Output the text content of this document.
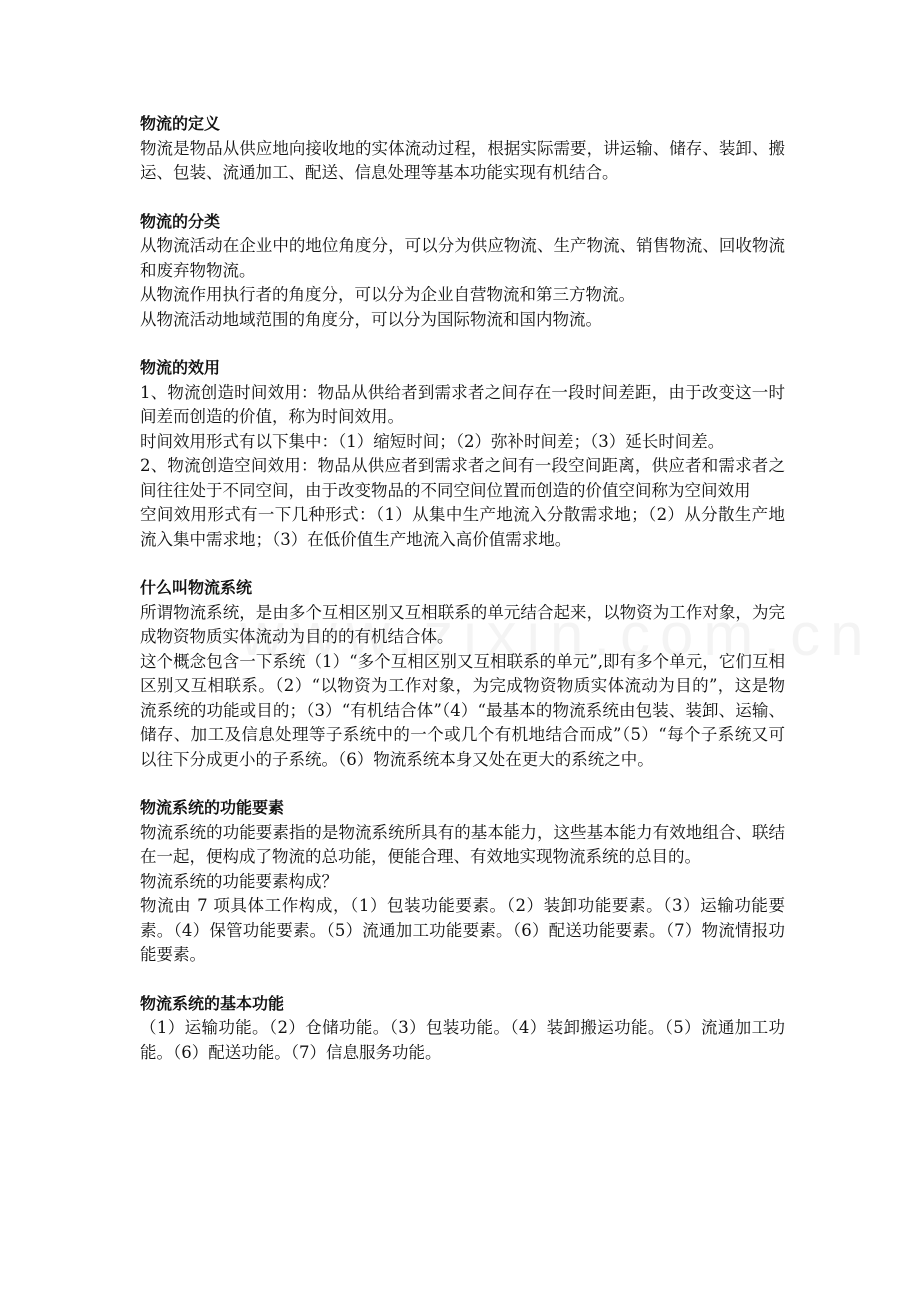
物流的定义

物流是物品从供应地向接收地的实体流动过程，根据实际需要，讲运输、储存、装卸、搬运、包装、流通加工、配送、信息处理等基本功能实现有机结合。

物流的分类

从物流活动在企业中的地位角度分，可以分为供应物流、生产物流、销售物流、回收物流和废弃物物流。

从物流作用执行者的角度分，可以分为企业自营物流和第三方物流。

从物流活动地域范围的角度分，可以分为国际物流和国内物流。

物流的效用

1、物流创造时间效用：物品从供给者到需求者之间存在一段时间差距，由于改变这一时间差而创造的价值，称为时间效用。

时间效用形式有以下集中：（1）缩短时间；（2）弥补时间差；（3）延长时间差。

2、物流创造空间效用：物品从供应者到需求者之间有一段空间距离，供应者和需求者之间往往处于不同空间，由于改变物品的不同空间位置而创造的价值空间称为空间效用

空间效用形式有一下几种形式：（1）从集中生产地流入分散需求地；（2）从分散生产地流入集中需求地；（3）在低价值生产地流入高价值需求地。

什么叫物流系统

所谓物流系统，是由多个互相区别又互相联系的单元结合起来，以物资为工作对象，为完成物资物质实体流动为目的的有机结合体。

这个概念包含一下系统（1）“多个互相区别又互相联系的单元”,即有多个单元，它们互相区别又互相联系。（2）“以物资为工作对象，为完成物资物质实体流动为目的”，这是物流系统的功能或目的；（3）“有机结合体”（4）“最基本的物流系统由包装、装卸、运输、储存、加工及信息处理等子系统中的一个或几个有机地结合而成”（5）“每个子系统又可以往下分成更小的子系统。（6）物流系统本身又处在更大的系统之中。

物流系统的功能要素

物流系统的功能要素指的是物流系统所具有的基本能力，这些基本能力有效地组合、联结在一起，便构成了物流的总功能，便能合理、有效地实现物流系统的总目的。

物流系统的功能要素构成？

物流由 7 项具体工作构成，（1）包装功能要素。（2）装卸功能要素。（3）运输功能要素。（4）保管功能要素。（5）流通加工功能要素。（6）配送功能要素。（7）物流情报功能要素。

物流系统的基本功能

（1）运输功能。（2）仓储功能。（3）包装功能。（4）装卸搬运功能。（5）流通加工功能。（6）配送功能。（7）信息服务功能。
